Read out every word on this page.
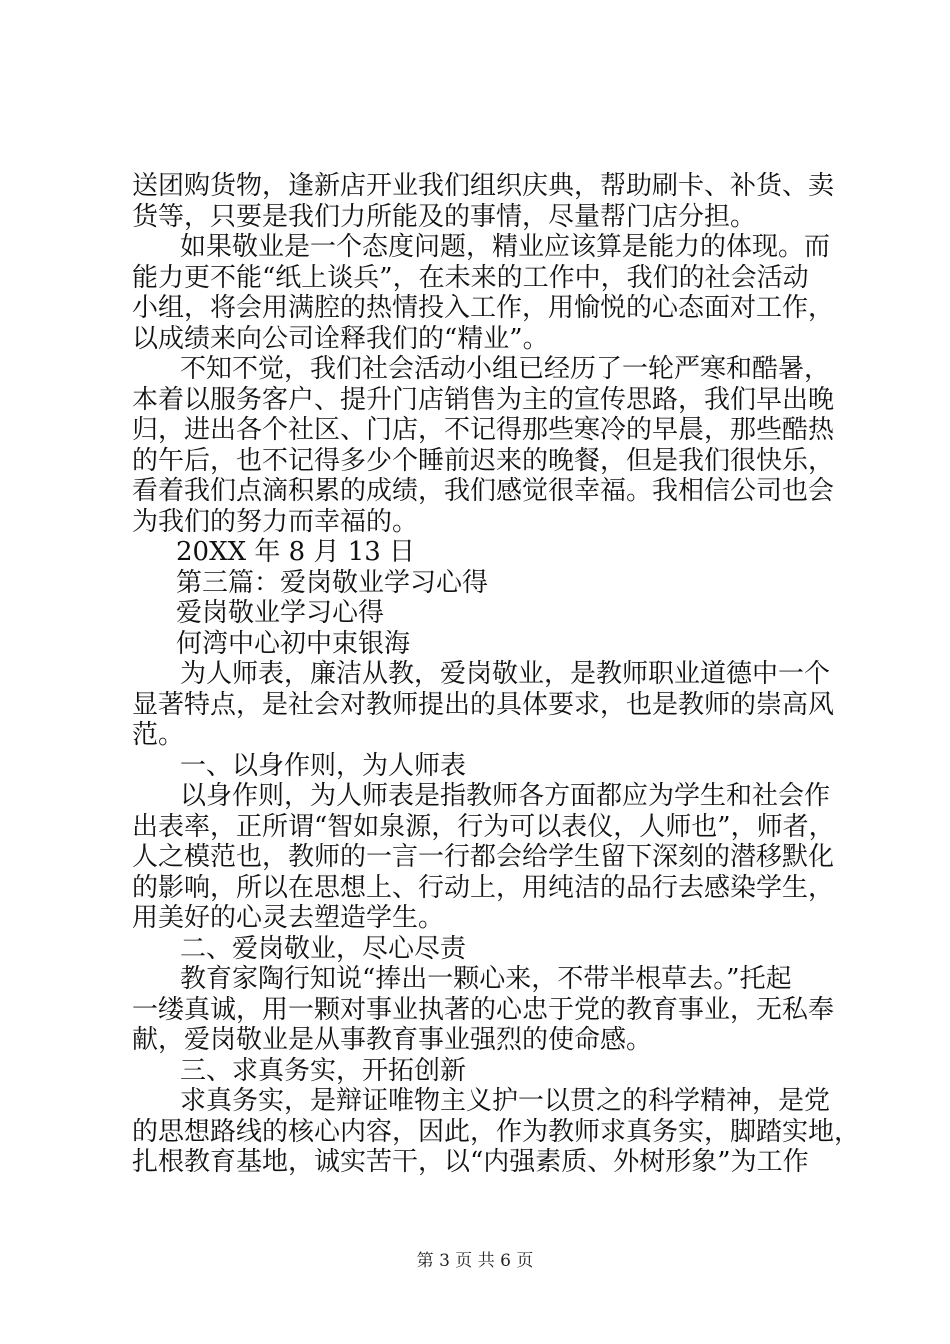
送团购货物，逢新店开业我们组织庆典，帮助刷卡、补货、卖
货等，只要是我们力所能及的事情，尽量帮门店分担。
如果敬业是一个态度问题，精业应该算是能力的体现。而
能力更不能“纸上谈兵”，在未来的工作中，我们的社会活动
小组，将会用满腔的热情投入工作，用愉悦的心态面对工作，
以成绩来向公司诠释我们的“精业”。
不知不觉，我们社会活动小组已经历了一轮严寒和酷暑，
本着以服务客户、提升门店销售为主的宣传思路，我们早出晚
归，进出各个社区、门店，不记得那些寒冷的早晨，那些酷热
的午后，也不记得多少个睡前迟来的晚餐，但是我们很快乐，
看着我们点滴积累的成绩，我们感觉很幸福。我相信公司也会
为我们的努力而幸福的。
20XX 年 8 月 13 日
第三篇：爱岗敬业学习心得
爱岗敬业学习心得
何湾中心初中束银海
为人师表，廉洁从教，爱岗敬业，是教师职业道德中一个
显著特点，是社会对教师提出的具体要求，也是教师的崇高风
范。
一、以身作则，为人师表
以身作则，为人师表是指教师各方面都应为学生和社会作
出表率，正所谓“智如泉源，行为可以表仪，人师也”，师者，
人之模范也，教师的一言一行都会给学生留下深刻的潜移默化
的影响，所以在思想上、行动上，用纯洁的品行去感染学生，
用美好的心灵去塑造学生。
二、爱岗敬业，尽心尽责
教育家陶行知说“捧出一颗心来，不带半根草去。”托起
一缕真诚，用一颗对事业执著的心忠于党的教育事业，无私奉
献，爱岗敬业是从事教育事业强烈的使命感。
三、求真务实，开拓创新
求真务实，是辩证唯物主义护一以贯之的科学精神，是党
的思想路线的核心内容，因此，作为教师求真务实，脚踏实地，
扎根教育基地，诚实苦干，以“内强素质、外树形象”为工作
第 3 页 共 6 页
